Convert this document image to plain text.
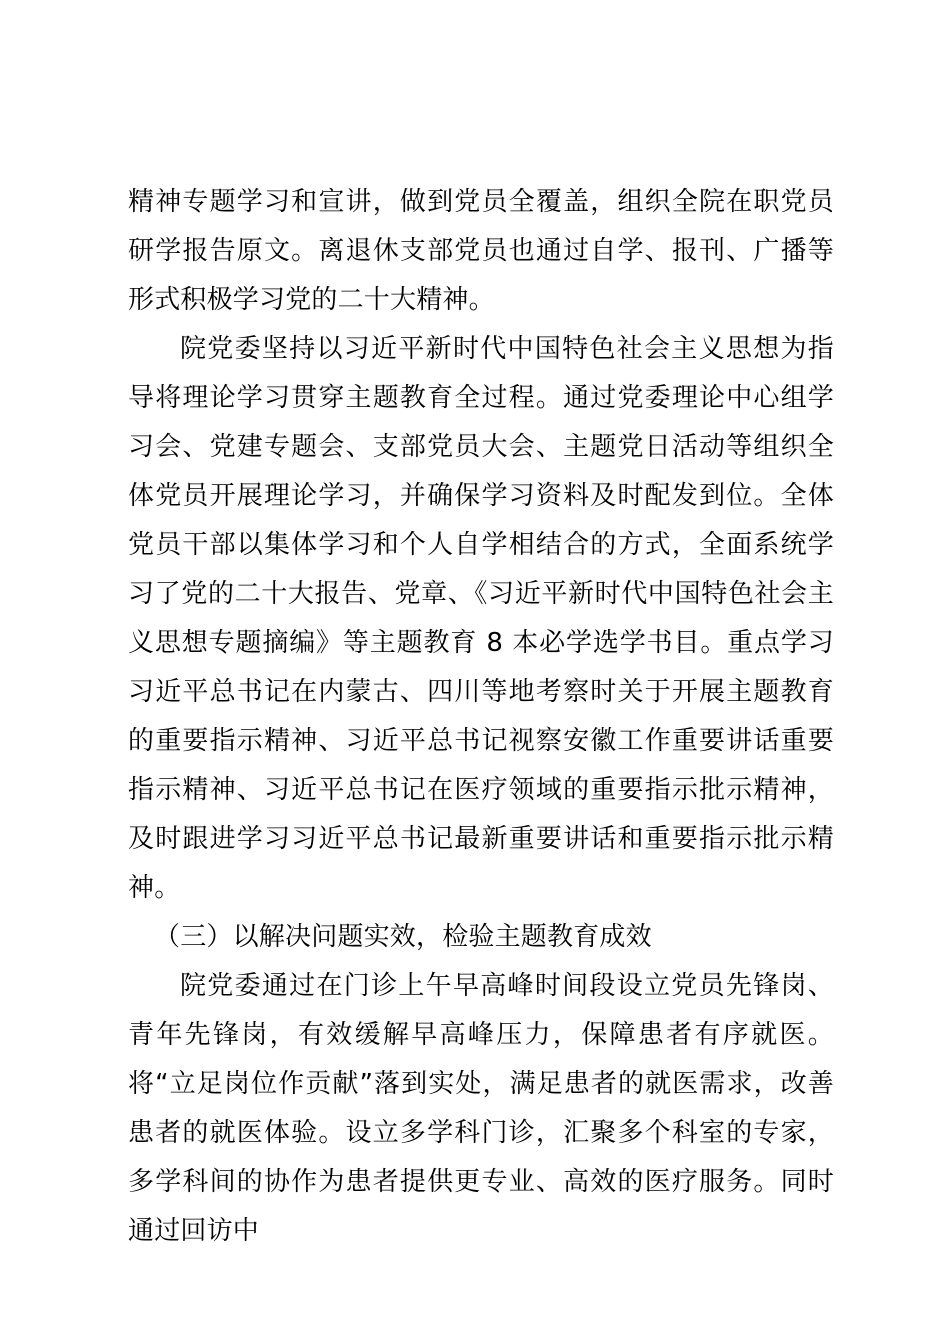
精神专题学习和宣讲，做到党员全覆盖，组织全院在职党员研学报告原文。离退休支部党员也通过自学、报刊、广播等形式积极学习党的二十大精神。

院党委坚持以习近平新时代中国特色社会主义思想为指导将理论学习贯穿主题教育全过程。通过党委理论中心组学习会、党建专题会、支部党员大会、主题党日活动等组织全体党员开展理论学习，并确保学习资料及时配发到位。全体党员干部以集体学习和个人自学相结合的方式，全面系统学习了党的二十大报告、党章、《习近平新时代中国特色社会主义思想专题摘编》等主题教育 8 本必学选学书目。重点学习习近平总书记在内蒙古、四川等地考察时关于开展主题教育的重要指示精神、习近平总书记视察安徽工作重要讲话重要指示精神、习近平总书记在医疗领域的重要指示批示精神，及时跟进学习习近平总书记最新重要讲话和重要指示批示精神。

（三）以解决问题实效，检验主题教育成效

院党委通过在门诊上午早高峰时间段设立党员先锋岗、青年先锋岗，有效缓解早高峰压力，保障患者有序就医。将“立足岗位作贡献”落到实处，满足患者的就医需求，改善患者的就医体验。设立多学科门诊，汇聚多个科室的专家，多学科间的协作为患者提供更专业、高效的医疗服务。同时通过回访中
